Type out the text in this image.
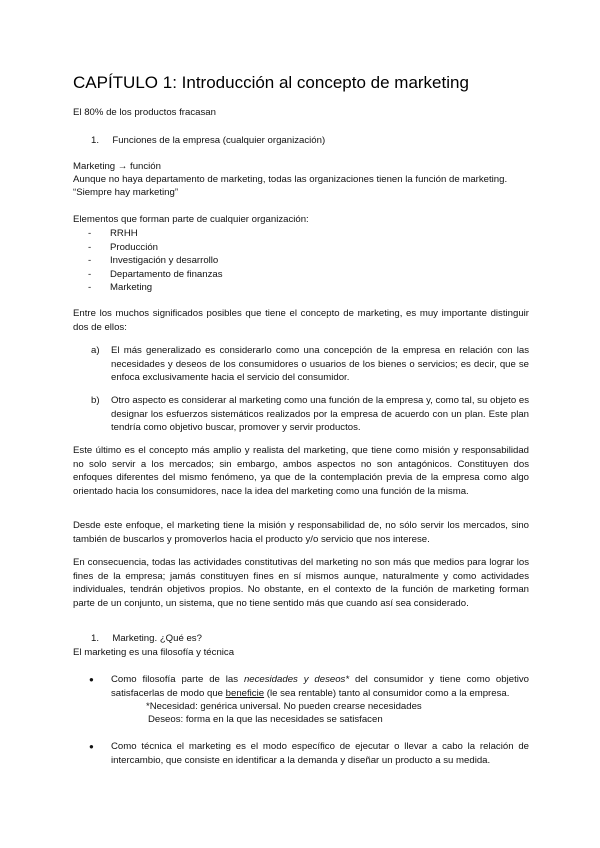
CAPÍTULO 1: Introducción al concepto de marketing

El 80% de los productos fracasan

1. Funciones de la empresa (cualquier organización)

Marketing → función

Aunque no haya departamento de marketing, todas las organizaciones tienen la función de marketing.

“Siempre hay marketing”

Elementos que forman parte de cualquier organización:

- RRHH
- Producción
- Investigación y desarrollo
- Departamento de finanzas
- Marketing

Entre los muchos significados posibles que tiene el concepto de marketing, es muy importante distinguir dos de ellos:

a) El más generalizado es considerarlo como una concepción de la empresa en relación con las necesidades y deseos de los consumidores o usuarios de los bienes o servicios; es decir, que se enfoca exclusivamente hacia el servicio del consumidor.
b) Otro aspecto es considerar al marketing como una función de la empresa y, como tal, su objeto es designar los esfuerzos sistemáticos realizados por la empresa de acuerdo con un plan. Este plan tendría como objetivo buscar, promover y servir productos.

Este último es el concepto más amplio y realista del marketing, que tiene como misión y responsabilidad no solo servir a los mercados; sin embargo, ambos aspectos no son antagónicos. Constituyen dos enfoques diferentes del mismo fenómeno, ya que de la contemplación previa de la empresa como algo orientado hacia los consumidores, nace la idea del marketing como una función de la misma.

Desde este enfoque, el marketing tiene la misión y responsabilidad de, no sólo servir los mercados, sino también de buscarlos y promoverlos hacia el producto y/o servicio que nos interese.

En consecuencia, todas las actividades constitutivas del marketing no son más que medios para lograr los fines de la empresa; jamás constituyen fines en sí mismos aunque, naturalmente y como actividades individuales, tendrán objetivos propios. No obstante, en el contexto de la función de marketing forman parte de un conjunto, un sistema, que no tiene sentido más que cuando así sea considerado.

1. Marketing. ¿Qué es?

El marketing es una filosofía y técnica

● Como filosofía parte de las necesidades y deseos* del consumidor y tiene como objetivo satisfacerlas de modo que beneficie (le sea rentable) tanto al consumidor como a la empresa.
*Necesidad: genérica universal. No pueden crearse necesidades
Deseos: forma en la que las necesidades se satisfacen
● Como técnica el marketing es el modo específico de ejecutar o llevar a cabo la relación de intercambio, que consiste en identificar a la demanda y diseñar un producto a su medida.
